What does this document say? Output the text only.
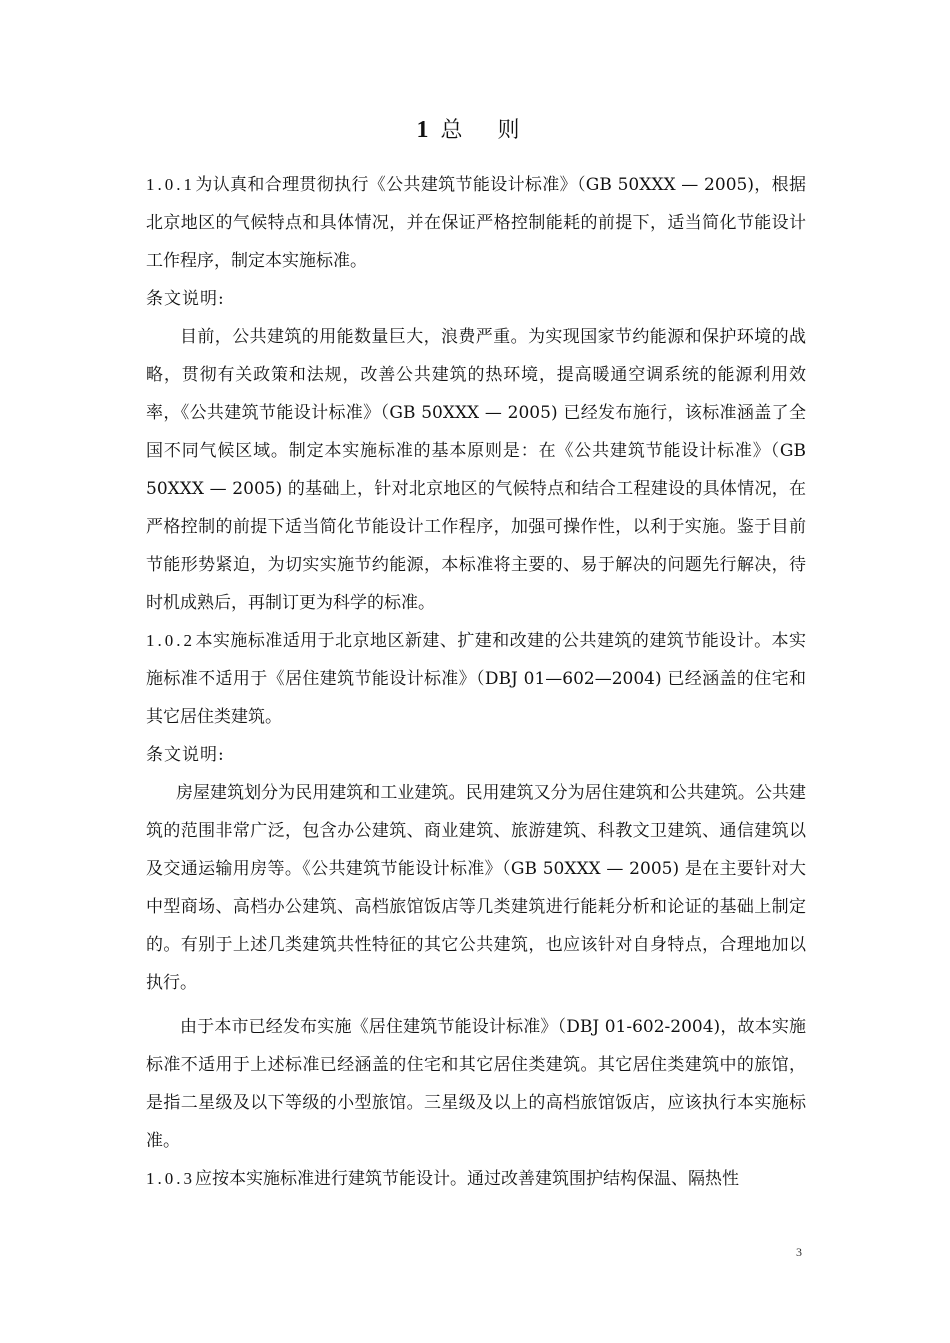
1 总 则

1.0.1为认真和合理贯彻执行《公共建筑节能设计标准》（GB 50XXX — 2005)，根据北京地区的气候特点和具体情况，并在保证严格控制能耗的前提下，适当简化节能设计工作程序，制定本实施标准。

条文说明:

目前，公共建筑的用能数量巨大，浪费严重。为实现国家节约能源和保护环境的战略，贯彻有关政策和法规，改善公共建筑的热环境，提高暖通空调系统的能源利用效率，《公共建筑节能设计标准》（GB 50XXX — 2005) 已经发布施行，该标准涵盖了全国不同气候区域。制定本实施标准的基本原则是：在《公共建筑节能设计标准》（GB 50XXX — 2005) 的基础上，针对北京地区的气候特点和结合工程建设的具体情况，在严格控制的前提下适当简化节能设计工作程序，加强可操作性，以利于实施。鉴于目前节能形势紧迫，为切实实施节约能源，本标准将主要的、易于解决的问题先行解决，待时机成熟后，再制订更为科学的标准。

1.0.2本实施标准适用于北京地区新建、扩建和改建的公共建筑的建筑节能设计。本实施标准不适用于《居住建筑节能设计标准》（DBJ 01—602—2004) 已经涵盖的住宅和其它居住类建筑。

条文说明:

房屋建筑划分为民用建筑和工业建筑。民用建筑又分为居住建筑和公共建筑。公共建筑的范围非常广泛，包含办公建筑、商业建筑、旅游建筑、科教文卫建筑、通信建筑以及交通运输用房等。《公共建筑节能设计标准》（GB 50XXX — 2005) 是在主要针对大中型商场、高档办公建筑、高档旅馆饭店等几类建筑进行能耗分析和论证的基础上制定的。有别于上述几类建筑共性特征的其它公共建筑，也应该针对自身特点，合理地加以执行。

由于本市已经发布实施《居住建筑节能设计标准》（DBJ 01-602-2004)，故本实施标准不适用于上述标准已经涵盖的住宅和其它居住类建筑。其它居住类建筑中的旅馆，是指二星级及以下等级的小型旅馆。三星级及以上的高档旅馆饭店，应该执行本实施标准。

1.0.3应按本实施标准进行建筑节能设计。通过改善建筑围护结构保温、隔热性

3
